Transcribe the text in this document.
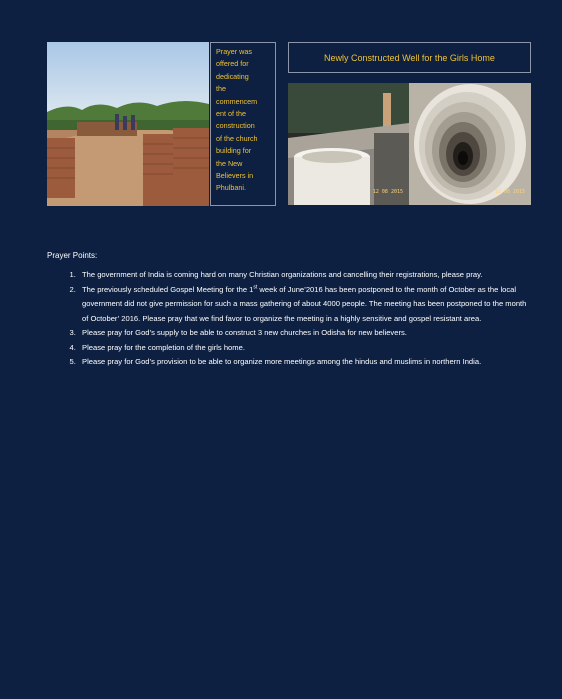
Prayer was
offered for
dedicating
the
commencem
ent of the
construction
of the church
building for
the New
Believers in
Phulbani.
Newly Constructed Well for the Girls Home
12 08 2015	12 08 2015
Prayer Points:
1. The government of India is coming hard on many Christian organizations and cancelling their registrations, please pray.
2. The previously scheduled Gospel Meeting for the 1st week of June’2016 has been postponed to the month of October as the local government did not give permission for such a mass gathering of about 4000 people. The meeting has been postponed to the month of October’ 2016. Please pray that we find favor to organize the meeting in a highly sensitive and gospel resistant area.
3. Please pray for God’s supply to be able to construct 3 new churches in Odisha for new believers.
4. Please pray for the completion of the girls home.
5. Please pray for God’s provision to be able to organize more meetings among the hindus and muslims in northern India.
